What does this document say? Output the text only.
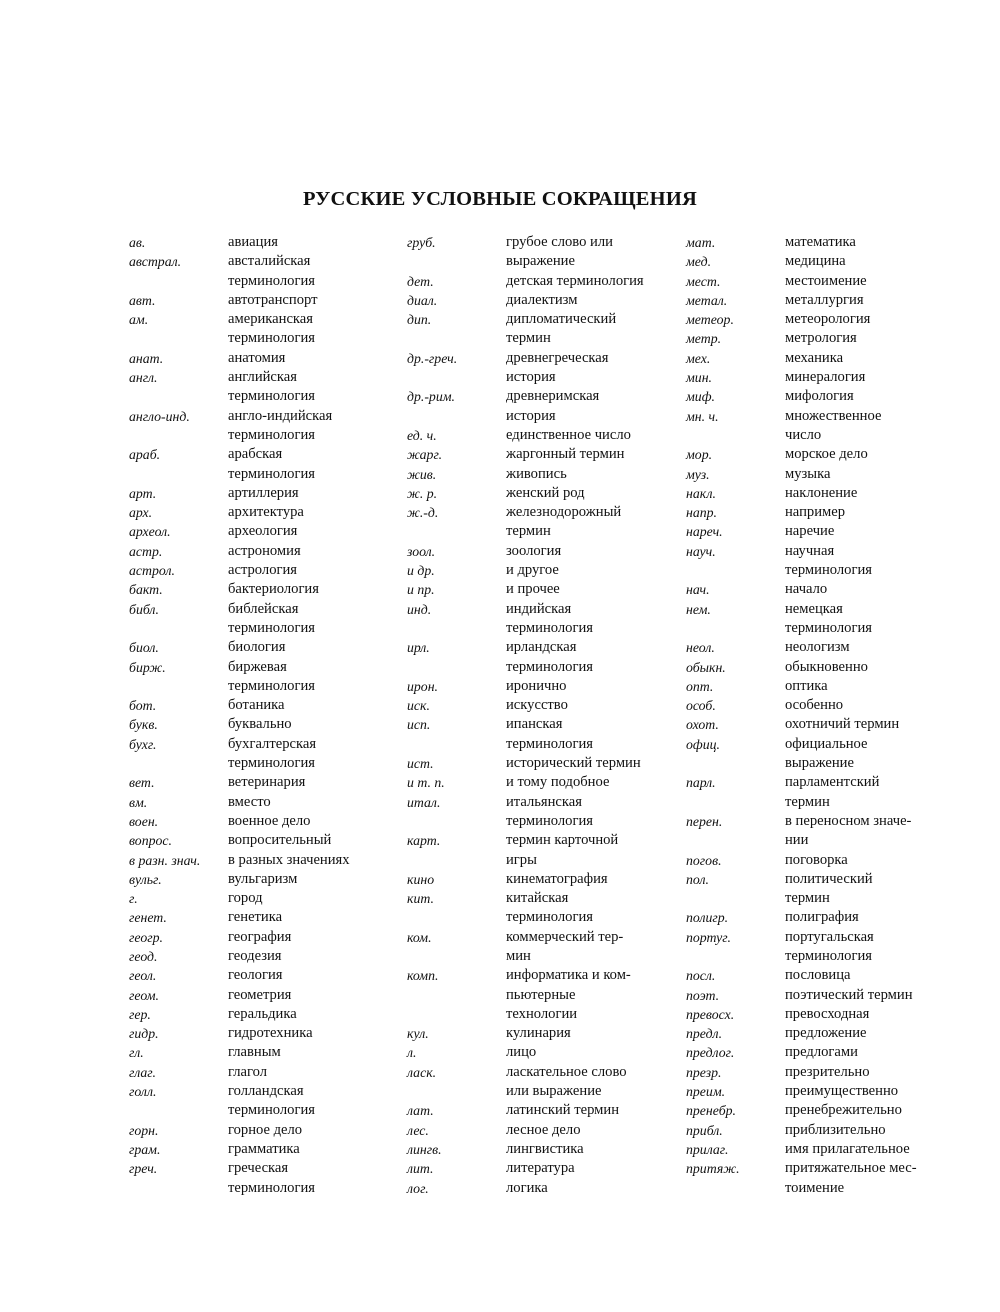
РУССКИЕ УСЛОВНЫЕ СОКРАЩЕНИЯ
ав.	авиация
австрал.	австалийская
терминология
авт.	автотранспорт
ам.	американская
терминология
анат.	анатомия
англ.	английская
терминология
англо-инд.	англо-индийская
терминология
араб.	арабская
терминология
арт.	артиллерия
арх.	архитектура
археол.	археология
астр.	астрономия
астрол.	астрология
бакт.	бактериология
библ.	библейская
терминология
биол.	биология
бирж.	биржевая
терминология
бот.	ботаника
букв.	буквально
бухг.	бухгалтерская
терминология
вет.	ветеринария
вм.	вместо
воен.	военное дело
вопрос.	вопросительный
в разн. знач. в разных значениях
вульг.	вульгаризм
г.	город
генет.	генетика
геогр.	география
геод.	геодезия
геол.	геология
геом.	геометрия
гер.	геральдика
гидр.	гидротехника
гл.	главным
глаг.	глагол
голл.	голландская
терминология
горн.	горное дело
грам.	грамматика
греч.	греческая
терминология
груб.	грубое слово или
выражение
дет.	детская терминология
диал.	диалектизм
дип.	дипломатический
термин
др.-греч.	древнегреческая
история
др.-рим.	древнеримская
история
ед. ч.	единственное число
жарг.	жаргонный термин
жив.	живопись
ж. р.	женский род
ж.-д.	железнодорожный
термин
зоол.	зоология
и др.	и другое
и пр.	и прочее
инд.	индийская
терминология
ирл.	ирландская
терминология
ирон.	иронично
иск.	искусство
исп.	ипанская
терминология
ист.	исторический термин
и т. п.	и тому подобное
итал.	итальянская
терминология
карт.	термин карточной
игры
кино	кинематография
кит.	китайская
терминология
ком.	коммерческий тер-
мин
комп.	информатика и ком-
пьютерные
технологии
кул.	кулинария
л.	лицо
ласк.	ласкательное слово
или выражение
лат.	латинский термин
лес.	лесное дело
лингв.	лингвистика
лит.	литература
лог.	логика
мат.	математика
мед.	медицина
мест.	местоимение
метал.	металлургия
метеор.	метеорология
метр.	метрология
мех.	механика
мин.	минералогия
миф.	мифология
мн. ч.	множественное
число
мор.	морское дело
муз.	музыка
накл.	наклонение
напр.	например
нареч.	наречие
науч.	научная
терминология
нач.	начало
нем.	немецкая
терминология
неол.	неологизм
обыкн.	обыкновенно
опт.	оптика
особ.	особенно
охот.	охотничий термин
офиц.	официальное
выражение
парл.	парламентский
термин
перен.	в переносном значе-
нии
погов.	поговорка
пол.	политический
термин
полигр.	полиграфия
португ.	португальская
терминология
посл.	пословица
поэт.	поэтический термин
превосх.	превосходная
предл.	предложение
предлог.	предлогами
презр.	презрительно
преим.	преимущественно
пренебр.	пренебрежительно
прибл.	приблизительно
прилаг.	имя прилагательное
притяж.	притяжательное мес-
тоимение
